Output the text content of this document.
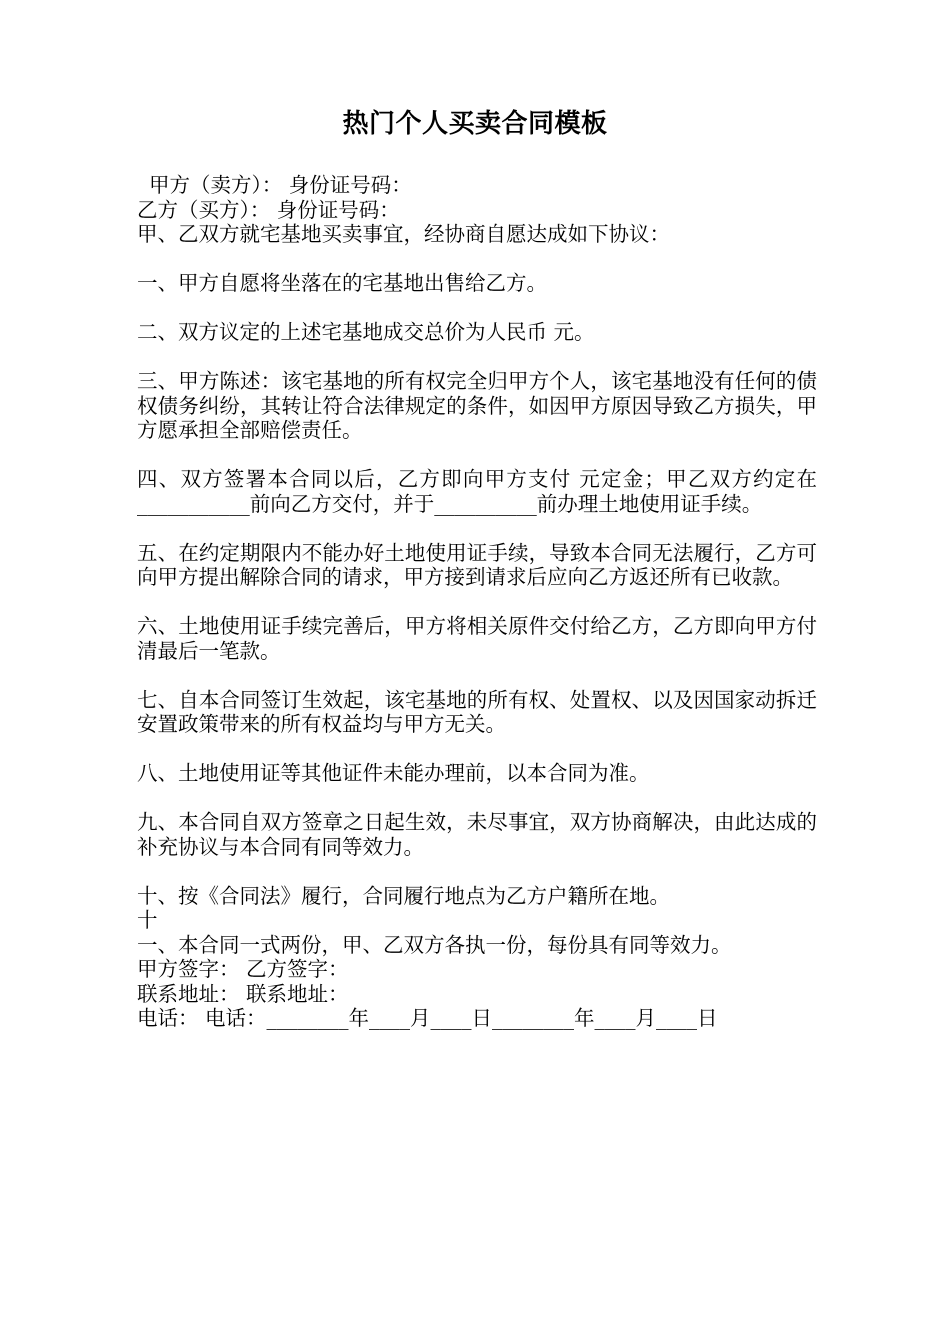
热门个人买卖合同模板
甲方（卖方）： 身份证号码：
乙方（买方）： 身份证号码：
甲、乙双方就宅基地买卖事宜，经协商自愿达成如下协议：
一、甲方自愿将坐落在的宅基地出售给乙方。
二、双方议定的上述宅基地成交总价为人民币 元。
三、甲方陈述：该宅基地的所有权完全归甲方个人，该宅基地没有任何的债权债务纠纷，其转让符合法律规定的条件，如因甲方原因导致乙方损失，甲方愿承担全部赔偿责任。
四、双方签署本合同以后，乙方即向甲方支付 元定金；甲乙双方约定在___________前向乙方交付，并于__________前办理土地使用证手续。
五、在约定期限内不能办好土地使用证手续，导致本合同无法履行，乙方可向甲方提出解除合同的请求，甲方接到请求后应向乙方返还所有已收款。
六、土地使用证手续完善后，甲方将相关原件交付给乙方，乙方即向甲方付清最后一笔款。
七、自本合同签订生效起，该宅基地的所有权、处置权、以及因国家动拆迁安置政策带来的所有权益均与甲方无关。
八、土地使用证等其他证件未能办理前，以本合同为准。
九、本合同自双方签章之日起生效，未尽事宜，双方协商解决，由此达成的补充协议与本合同有同等效力。
十、按《合同法》履行，合同履行地点为乙方户籍所在地。
十
一、本合同一式两份，甲、乙双方各执一份，每份具有同等效力。
甲方签字： 乙方签字：
联系地址： 联系地址：
电话： 电话：________年____月____日________年____月____日
